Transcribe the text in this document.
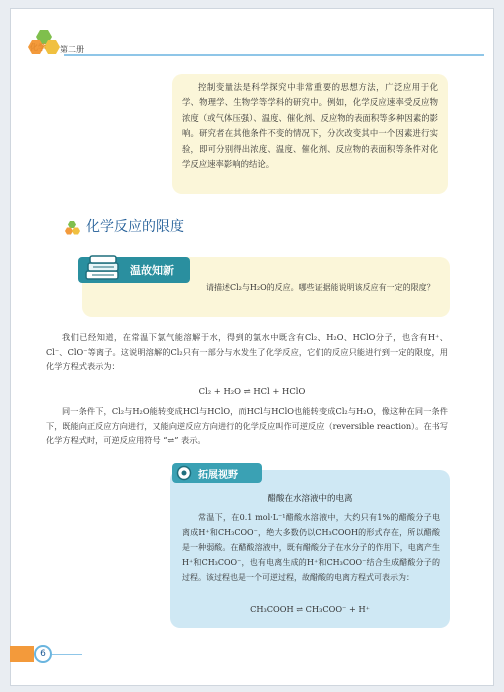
化学 第二册
控制变量法是科学探究中非常重要的思想方法，广泛应用于化学、物理学、生物学等学科的研究中。例如，化学反应速率受反应物浓度（或气体压强）、温度、催化剂、反应物的表面积等多种因素的影响。研究者在其他条件不变的情况下，分次改变其中一个因素进行实验，即可分别得出浓度、温度、催化剂、反应物的表面积等条件对化学反应速率影响的结论。
化学反应的限度
温故知新
请描述Cl₂与H₂O的反应。哪些证据能说明该反应有一定的限度？
我们已经知道，在常温下氯气能溶解于水，得到的氯水中既含有Cl₂、H₂O、HClO分子，也含有H⁺、Cl⁻、ClO⁻等离子。这说明溶解的Cl₂只有一部分与水发生了化学反应，它们的反应只能进行到一定的限度，用化学方程式表示为：
Cl₂ + H₂O ⇌ HCl + HClO
同一条件下，Cl₂与H₂O能转变成HCl与HClO，而HCl与HClO也能转变成Cl₂与H₂O，像这种在同一条件下，既能向正反应方向进行，又能向逆反应方向进行的化学反应叫作可逆反应（reversible reaction）。在书写化学方程式时，可逆反应用符号 “⇌” 表示。
拓展视野
醋酸在水溶液中的电离
常温下，在0.1 mol·L⁻¹醋酸水溶液中，大约只有1%的醋酸分子电离成H⁺和CH₃COO⁻，绝大多数仍以CH₃COOH的形式存在，所以醋酸是一种弱酸。在醋酸溶液中，既有醋酸分子在水分子的作用下，电离产生H⁺和CH₃COO⁻，也有电离生成的H⁺和CH₃COO⁻结合生成醋酸分子的过程。该过程也是一个可逆过程，故醋酸的电离方程式可表示为：
CH₃COOH ⇌ CH₃COO⁻ + H⁺
6
